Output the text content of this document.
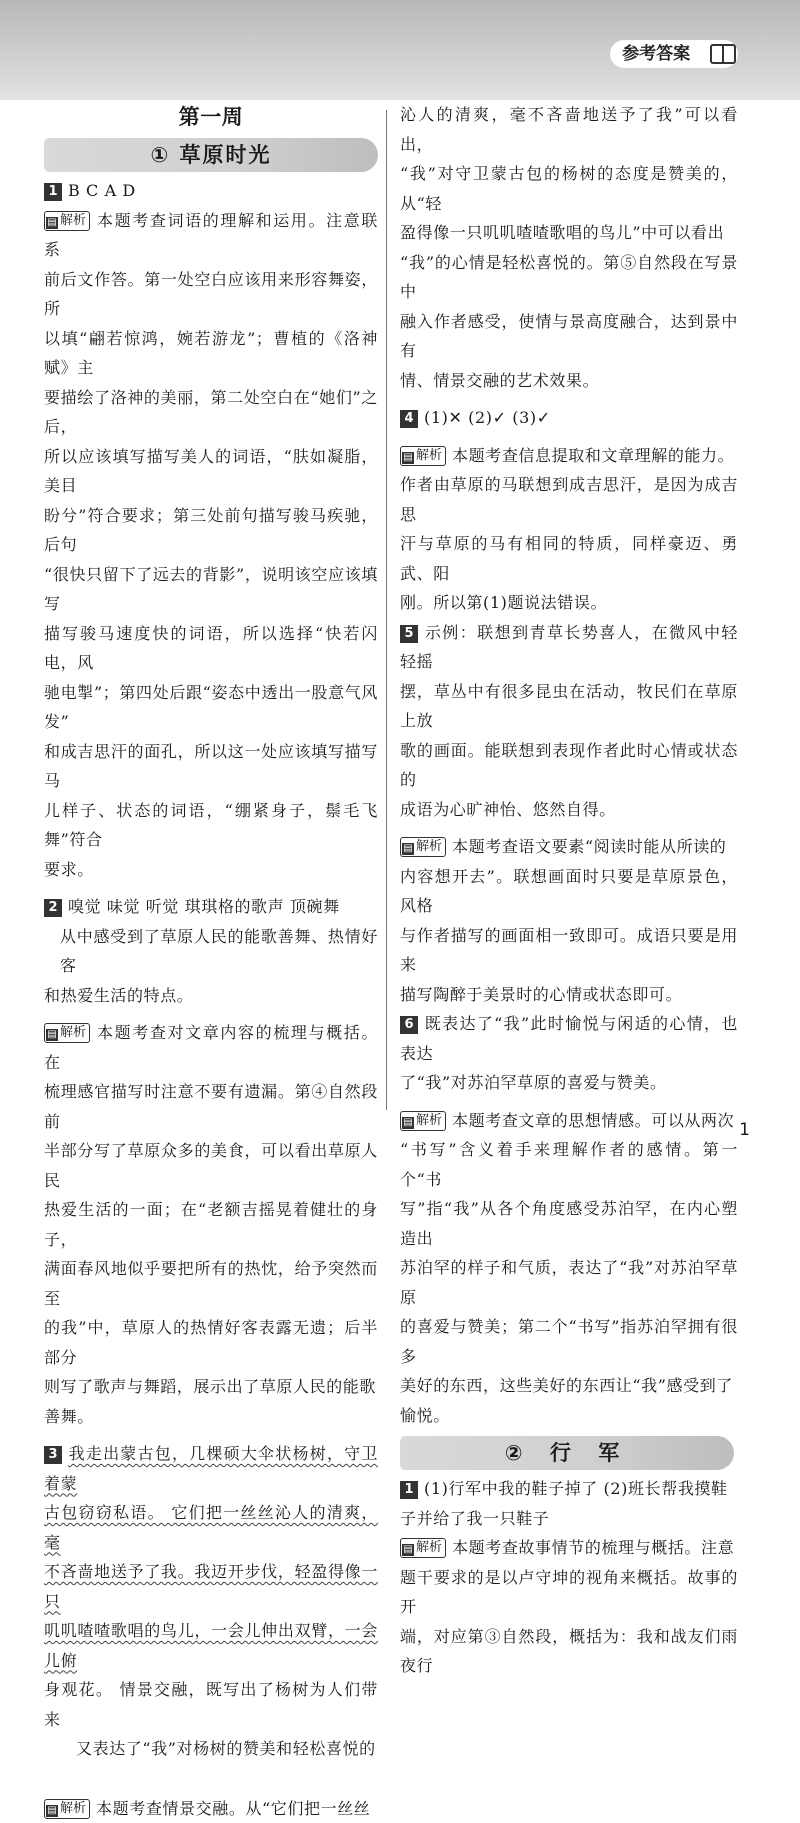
参考答案
第一周
① 草原时光
1 B C A D
▤ 解析 本题考查词语的理解和运用。注意联系
前后文作答。第一处空白应该用来形容舞姿，所
以填“翩若惊鸿，婉若游龙”；曹植的《洛神赋》主
要描绘了洛神的美丽，第二处空白在“她们”之后，
所以应该填写描写美人的词语，“肤如凝脂，美目
盼兮”符合要求；第三处前句描写骏马疾驰，后句
“很快只留下了远去的背影”，说明该空应该填写
描写骏马速度快的词语，所以选择“快若闪电，风
驰电掣”；第四处后跟“姿态中透出一股意气风发”
和成吉思汗的面孔，所以这一处应该填写描写马
儿样子、状态的词语，“绷紧身子，鬃毛飞舞”符合
要求。
2 嗅觉 味觉 听觉 琪琪格的歌声 顶碗舞
从中感受到了草原人民的能歌善舞、热情好客
和热爱生活的特点。
▤ 解析 本题考查对文章内容的梳理与概括。在
梳理感官描写时注意不要有遗漏。第④自然段前
半部分写了草原众多的美食，可以看出草原人民
热爱生活的一面；在“老额吉摇晃着健壮的身子，
满面春风地似乎要把所有的热忱，给予突然而至
的我”中，草原人的热情好客表露无遗；后半部分
则写了歌声与舞蹈，展示出了草原人民的能歌
善舞。
3 我走出蒙古包，几棵硕大伞状杨树，守卫着蒙
古包窃窃私语。 它们把一丝丝沁人的清爽，毫
不吝啬地送予了我。我迈开步伐，轻盈得像一只
叽叽喳喳歌唱的鸟儿，一会儿伸出双臂，一会儿俯
身观花。 情景交融，既写出了杨树为人们带来
又表达了“我”对杨树的赞美和轻松喜悦的
▤ 解析 本题考查情景交融。从“它们把一丝丝
沁人的清爽，毫不吝啬地送予了我”可以看出，
“我”对守卫蒙古包的杨树的态度是赞美的，从“轻
盈得像一只叽叽喳喳歌唱的鸟儿”中可以看出
“我”的心情是轻松喜悦的。第⑤自然段在写景中
融入作者感受，使情与景高度融合，达到景中有
情、情景交融的艺术效果。
4 (1)✕ (2)✓ (3)✓
▤ 解析 本题考查信息提取和文章理解的能力。
作者由草原的马联想到成吉思汗，是因为成吉思
汗与草原的马有相同的特质，同样豪迈、勇武、阳
刚。所以第(1)题说法错误。
5 示例：联想到青草长势喜人，在微风中轻轻摇
摆，草丛中有很多昆虫在活动，牧民们在草原上放
歌的画面。能联想到表现作者此时心情或状态的
成语为心旷神怡、悠然自得。
▤ 解析 本题考查语文要素“阅读时能从所读的
内容想开去”。联想画面时只要是草原景色，风格
与作者描写的画面相一致即可。成语只要是用来
描写陶醉于美景时的心情或状态即可。
6 既表达了“我”此时愉悦与闲适的心情，也表达
了“我”对苏泊罕草原的喜爱与赞美。
▤ 解析 本题考查文章的思想情感。可以从两次
“书写”含义着手来理解作者的感情。第一个“书
写”指“我”从各个角度感受苏泊罕，在内心塑造出
苏泊罕的样子和气质，表达了“我”对苏泊罕草原
的喜爱与赞美；第二个“书写”指苏泊罕拥有很多
美好的东西，这些美好的东西让“我”感受到了
愉悦。
② 行 军
1 (1)行军中我的鞋子掉了 (2)班长帮我摸鞋
子并给了我一只鞋子
▤ 解析 本题考查故事情节的梳理与概括。注意
题干要求的是以卢守坤的视角来概括。故事的开
端，对应第③自然段，概括为：我和战友们雨夜行
1
